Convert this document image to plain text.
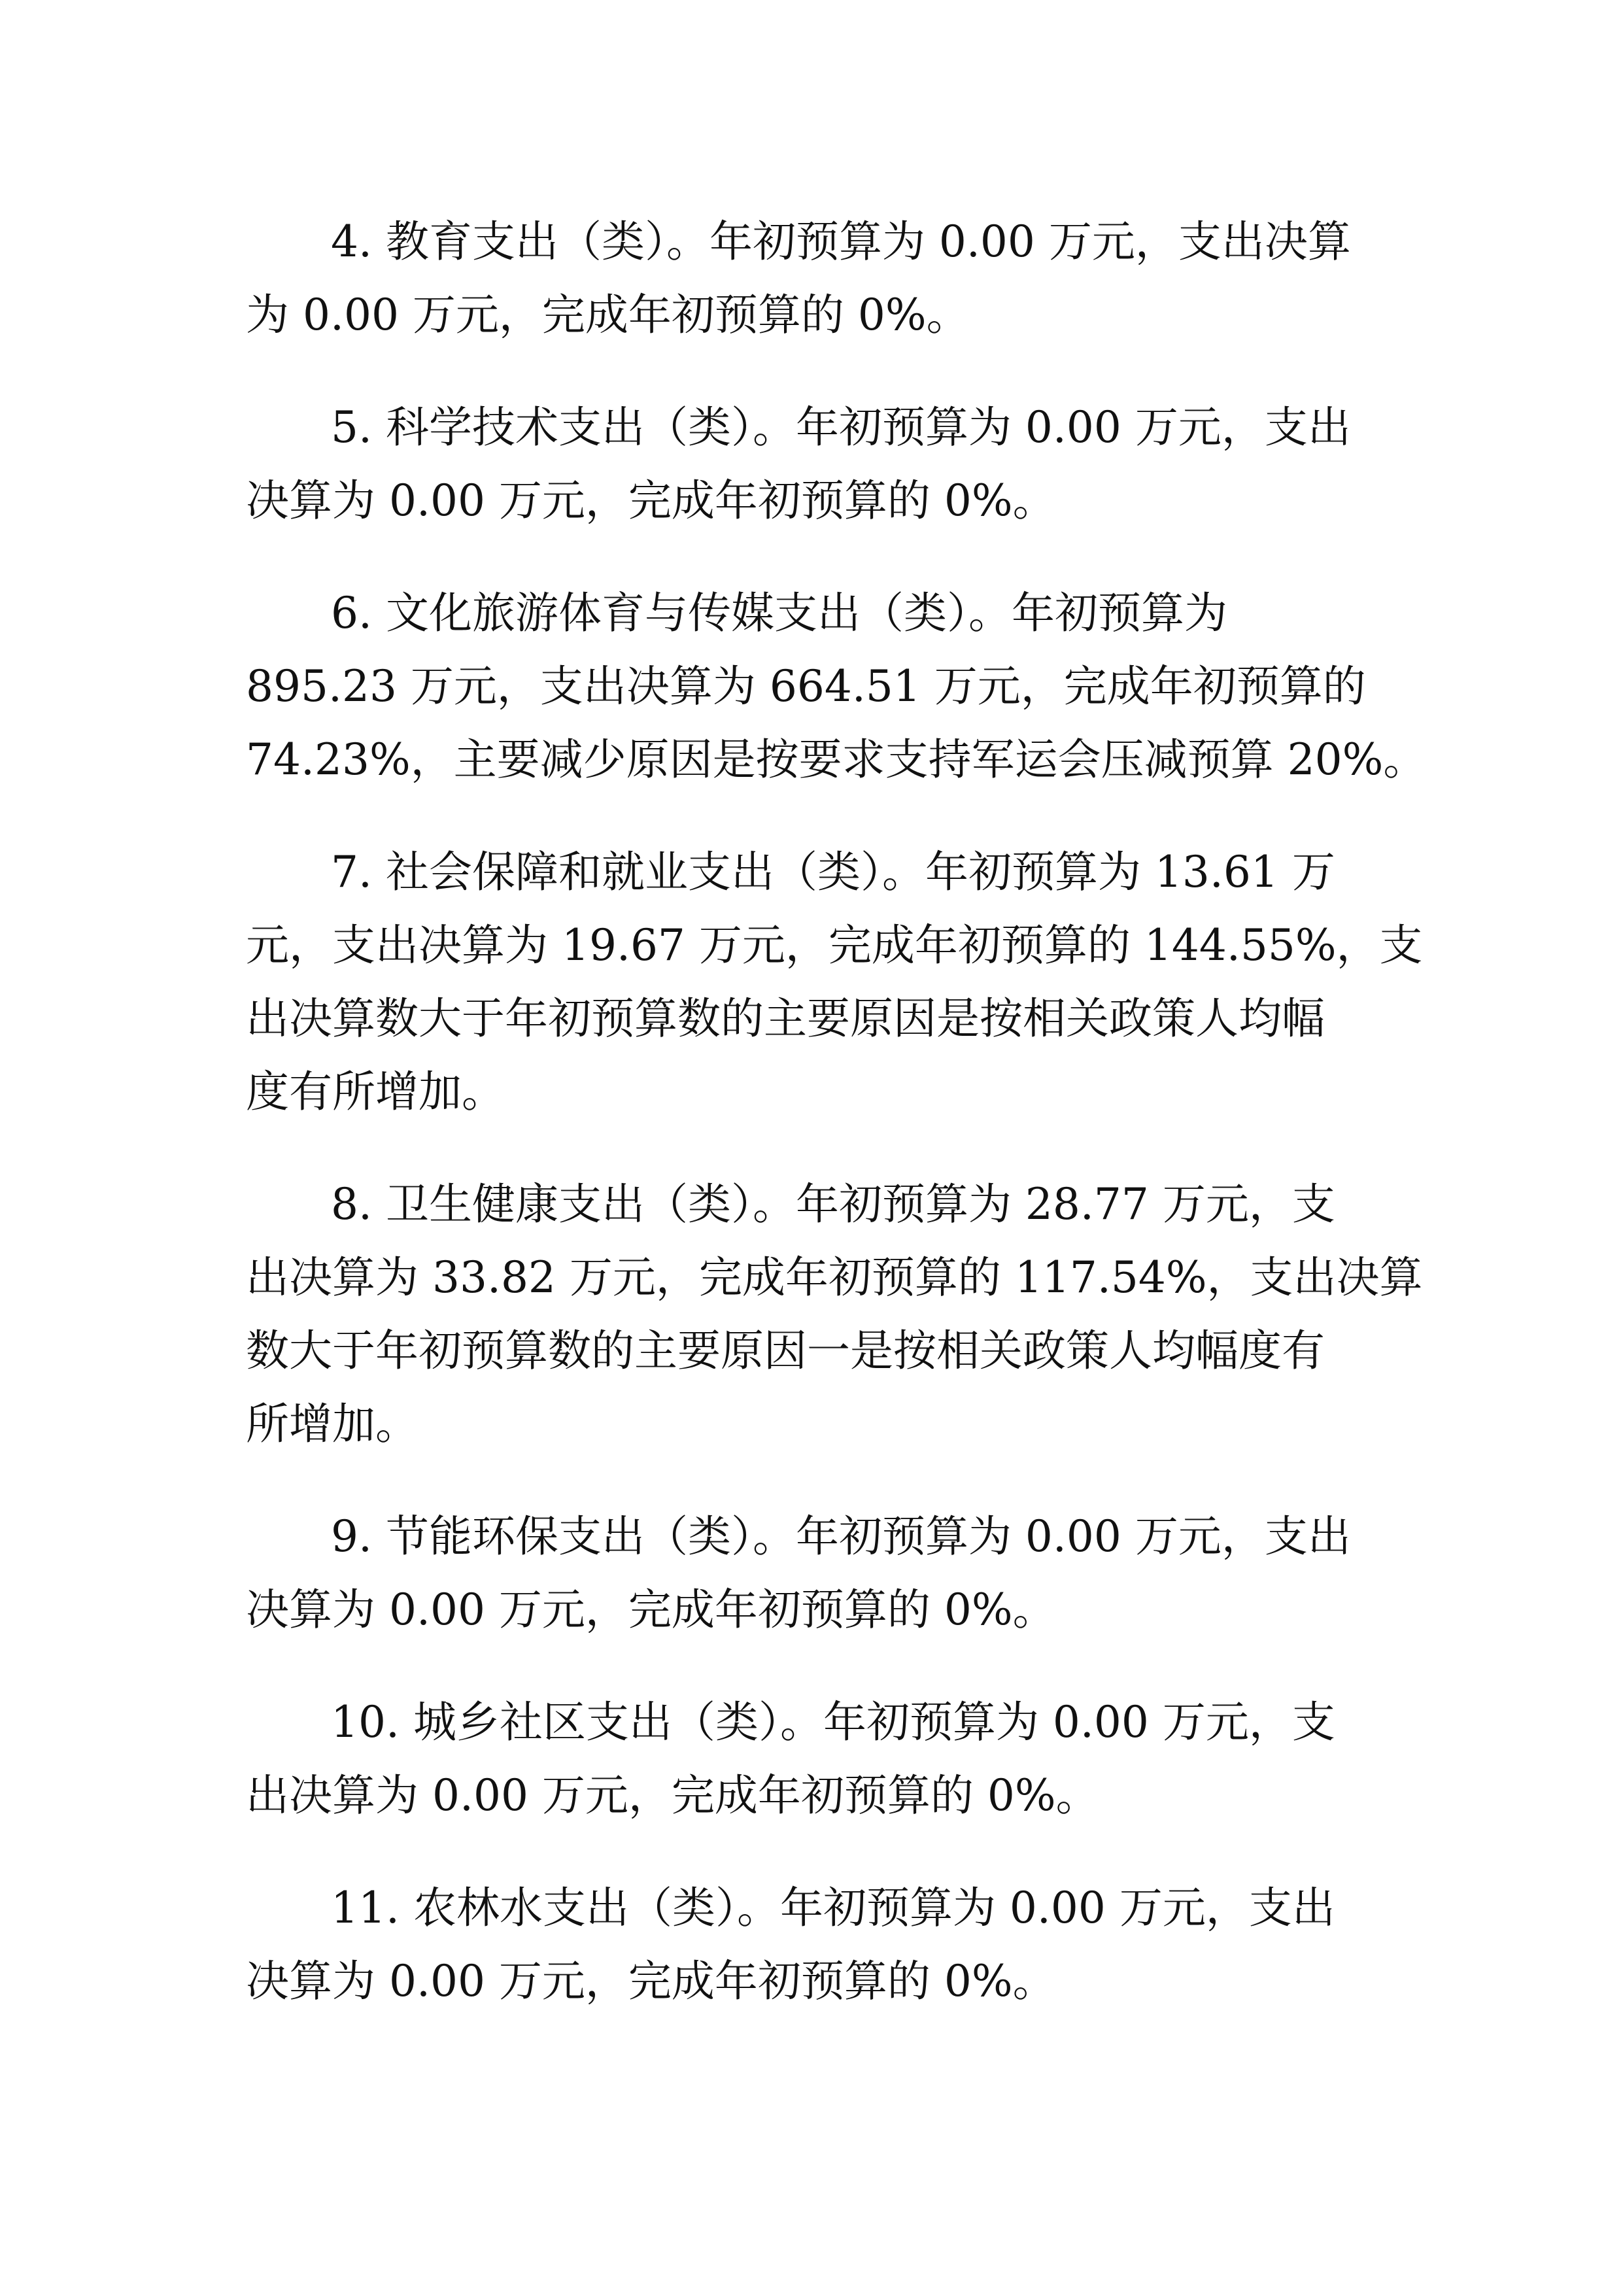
4. 教育支出（类）。年初预算为 0.00 万元，支出决算
为 0.00 万元，完成年初预算的 0%。
5. 科学技术支出（类）。年初预算为 0.00 万元，支出
决算为 0.00 万元，完成年初预算的 0%。
6. 文化旅游体育与传媒支出（类）。年初预算为
895.23 万元，支出决算为 664.51 万元，完成年初预算的
74.23%，主要减少原因是按要求支持军运会压减预算 20%。
7. 社会保障和就业支出（类）。年初预算为 13.61 万
元，支出决算为 19.67 万元，完成年初预算的 144.55%，支
出决算数大于年初预算数的主要原因是按相关政策人均幅
度有所增加。
8. 卫生健康支出（类）。年初预算为 28.77 万元，支
出决算为 33.82 万元，完成年初预算的 117.54%，支出决算
数大于年初预算数的主要原因一是按相关政策人均幅度有
所增加。
9. 节能环保支出（类）。年初预算为 0.00 万元，支出
决算为 0.00 万元，完成年初预算的 0%。
10. 城乡社区支出（类）。年初预算为 0.00 万元，支
出决算为 0.00 万元，完成年初预算的 0%。
11. 农林水支出（类）。年初预算为 0.00 万元，支出
决算为 0.00 万元，完成年初预算的 0%。
